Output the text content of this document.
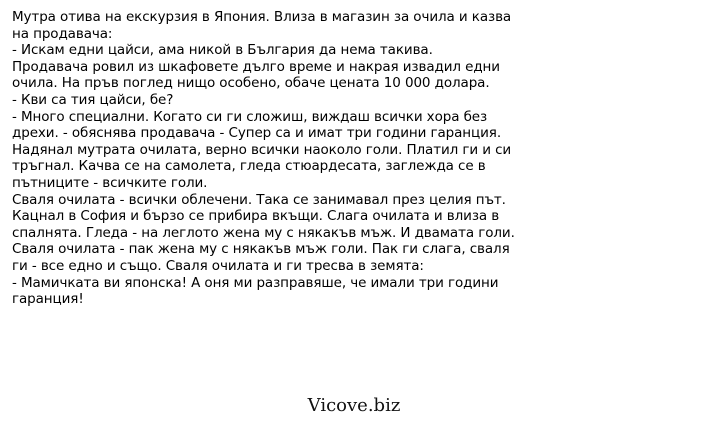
Мутра отива на екскурзия в Япония. Влиза в магазин за очила и казва
на продавача:
- Искам едни цайси, ама никой в България да нема такива.
Продавача ровил из шкафовете дълго време и накрая извадил едни
очила. На пръв поглед нищо особено, обаче цената 10 000 долара.
- Кви са тия цайси, бе?
- Много специални. Когато си ги сложиш, виждаш всички хора без
дрехи. - обяснява продавача - Супер са и имат три години гаранция.
Надянал мутрата очилата, верно всички наоколо голи. Платил ги и си
тръгнал. Качва се на самолета, гледа стюардесата, заглежда се в
пътниците - всичките голи.
Сваля очилата - всички облечени. Така се занимавал през целия път.
Кацнал в София и бързо се прибира вкъщи. Слага очилата и влиза в
спалнята. Гледа - на леглото жена му с някакъв мъж. И двамата голи.
Сваля очилата - пак жена му с някакъв мъж голи. Пак ги слага, сваля
ги - все едно и също. Сваля очилата и ги тресва в земята:
- Мамичката ви японска! А оня ми разправяше, че имали три години
гаранция!
Vicove.biz
